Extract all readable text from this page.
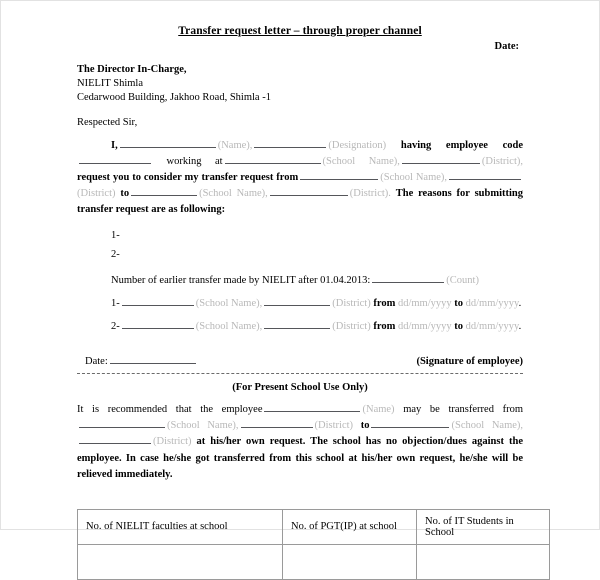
Transfer request letter – through proper channel
Date:
The Director In-Charge,
NIELIT Shimla
Cedarwood Building, Jakhoo Road, Shimla -1
Respected Sir,
I,	(Name),	(Designation) having employee code working at	(School Name),	(District), request you to consider my transfer request from	(School Name),(District) to	(School Name),	(District). The reasons for submitting transfer request are as following:
1-
2-
Number of earlier transfer made by NIELIT after 01.04.2013:	(Count)
1-	(School Name),	(District) from dd/mm/yyyy to dd/mm/yyyy.
2-	(School Name),	(District) from dd/mm/yyyy to dd/mm/yyyy.
Date:	(Signature of employee)
(For Present School Use Only)
It is recommended that the employee	(Name) may be transferred from (School Name),	(District) to	(School Name),(District) at his/her own request. The school has no objection/dues against the employee. In case he/she got transferred from this school at his/her own request, he/she will be relieved immediately.
No. of NIELIT faculties at school	No. of PGT(IP) at school	No. of IT Students in School
